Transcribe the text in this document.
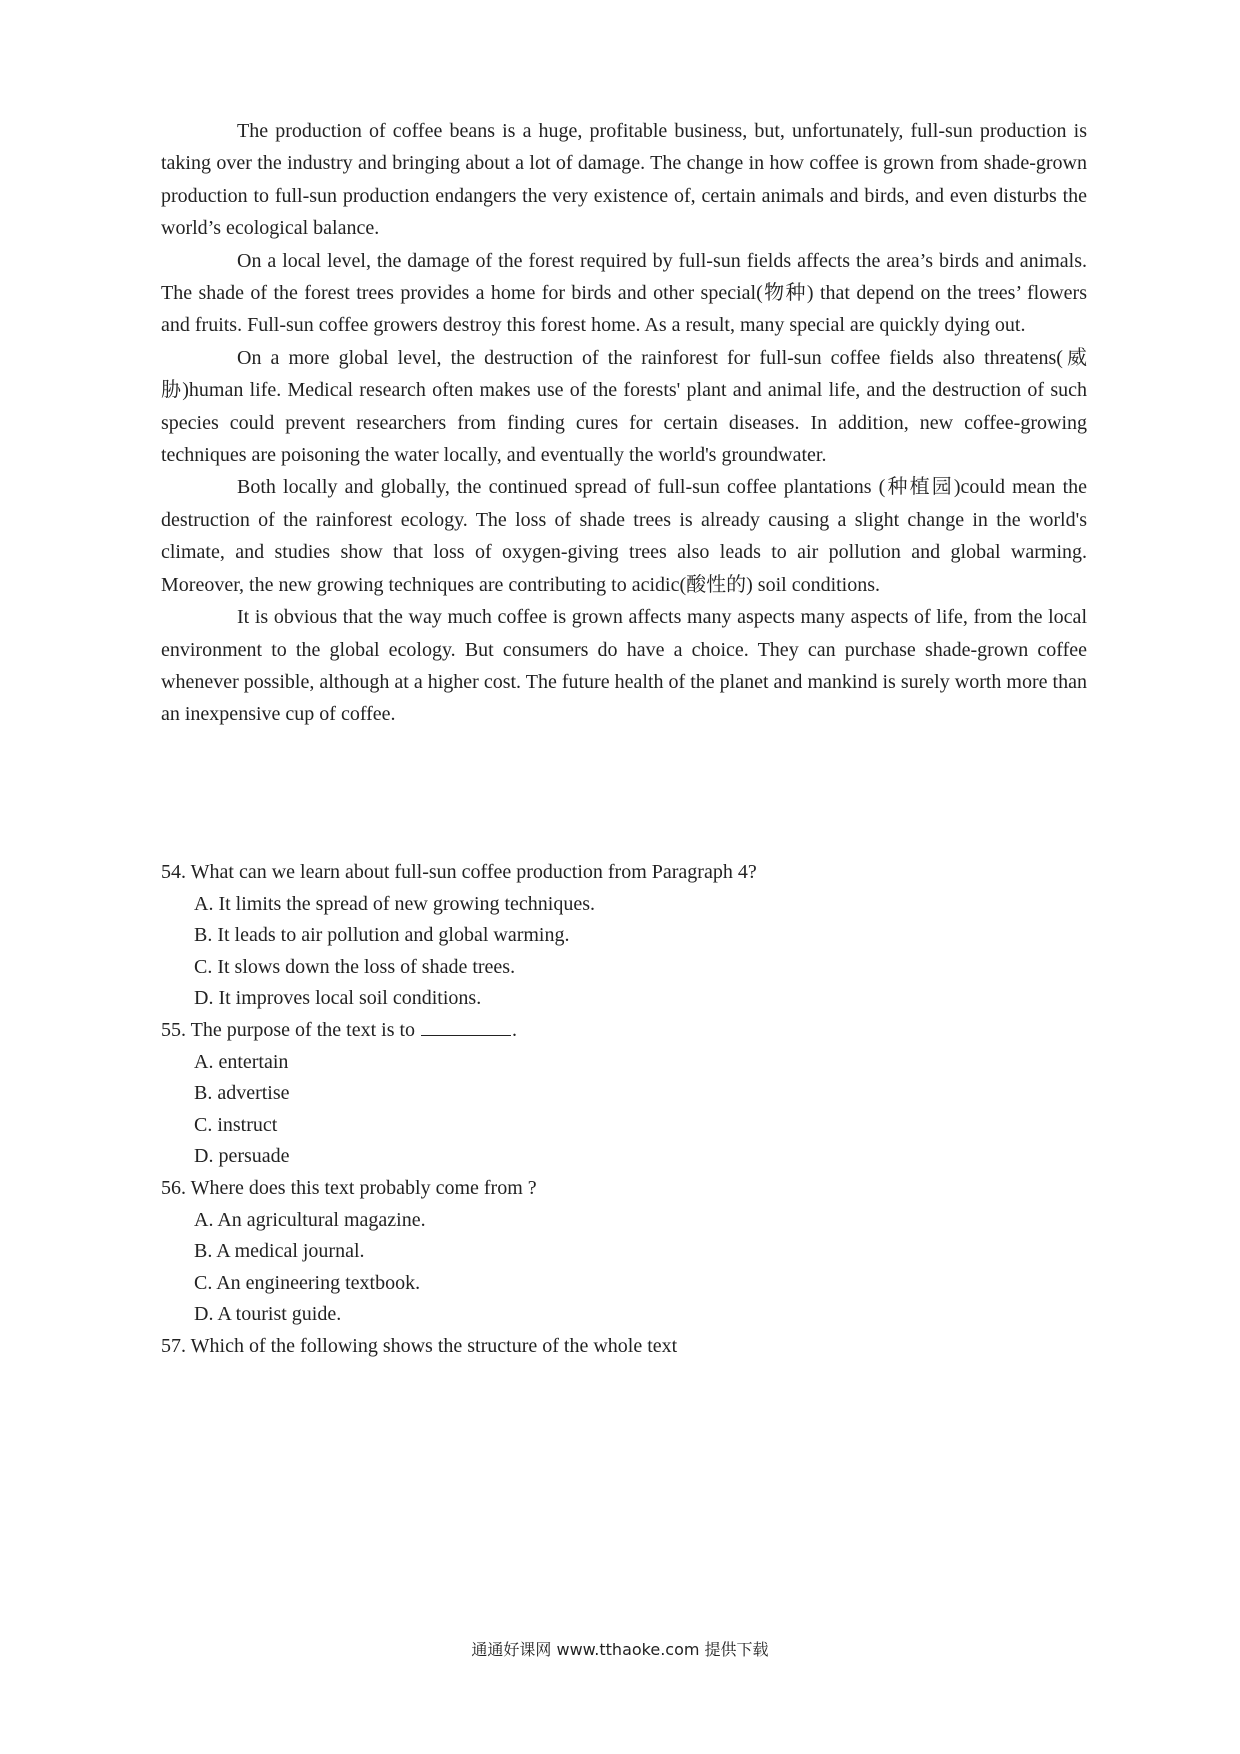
The production of coffee beans is a huge, profitable business, but, unfortunately, full-sun production is taking over the industry and bringing about a lot of damage. The change in how coffee is grown from shade-grown production to full-sun production endangers the very existence of, certain animals and birds, and even disturbs the world’s ecological balance.

On a local level, the damage of the forest required by full-sun fields affects the area’s birds and animals. The shade of the forest trees provides a home for birds and other special(物种) that depend on the trees’ flowers and fruits. Full-sun coffee growers destroy this forest home. As a result, many special are quickly dying out.

On a more global level, the destruction of the rainforest for full-sun coffee fields also threatens(威胁)human life. Medical research often makes use of the forests' plant and animal life, and the destruction of such species could prevent researchers from finding cures for certain diseases. In addition, new coffee-growing techniques are poisoning the water locally, and eventually the world's groundwater.

Both locally and globally, the continued spread of full-sun coffee plantations (种植园)could mean the destruction of the rainforest ecology. The loss of shade trees is already causing a slight change in the world's climate, and studies show that loss of oxygen-giving trees also leads to air pollution and global warming. Moreover, the new growing techniques are contributing to acidic(酸性的) soil conditions.

It is obvious that the way much coffee is grown affects many aspects many aspects of life, from the local environment to the global ecology. But consumers do have a choice. They can purchase shade-grown coffee whenever possible, although at a higher cost. The future health of the planet and mankind is surely worth more than an inexpensive cup of coffee.

54. What can we learn about full-sun coffee production from Paragraph 4?

A. It limits the spread of new growing techniques.

B. It leads to air pollution and global warming.

C. It slows down the loss of shade trees.

D. It improves local soil conditions.

55. The purpose of the text is to	.

A. entertain

B. advertise

C. instruct

D. persuade

56. Where does this text probably come from ?

A. An agricultural magazine.

B. A medical journal.

C. An engineering textbook.

D. A tourist guide.

57. Which of the following shows the structure of the whole text

通通好课网 www.tthaoke.com 提供下载
